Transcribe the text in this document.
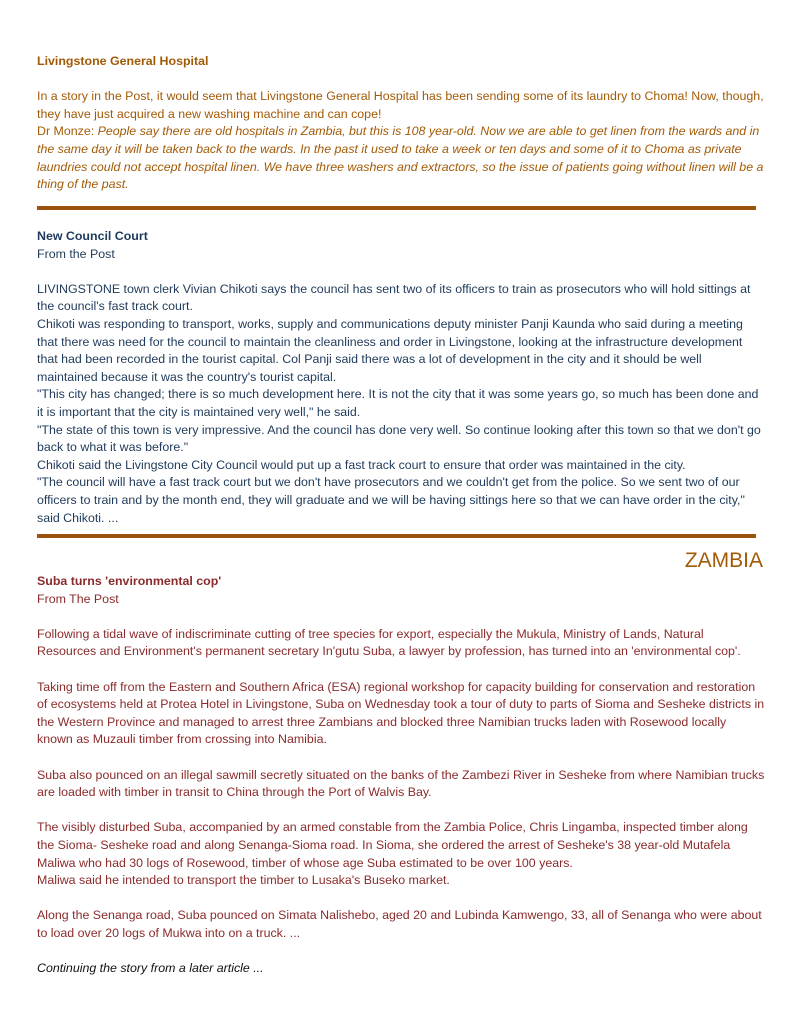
Livingstone General Hospital

In a story in the Post, it would seem that Livingstone General Hospital has been sending some of its laundry to Choma! Now, though, they have just acquired a new washing machine and can cope!

Dr Monze: People say there are old hospitals in Zambia, but this is 108 year-old. Now we are able to get linen from the wards and in the same day it will be taken back to the wards. In the past it used to take a week or ten days and some of it to Choma as private laundries could not accept hospital linen. We have three washers and extractors, so the issue of patients going without linen will be a thing of the past.

New Council Court

From the Post

LIVINGSTONE town clerk Vivian Chikoti says the council has sent two of its officers to train as prosecutors who will hold sittings at the council's fast track court.

Chikoti was responding to transport, works, supply and communications deputy minister Panji Kaunda who said during a meeting that there was need for the council to maintain the cleanliness and order in Livingstone, looking at the infrastructure development that had been recorded in the tourist capital. Col Panji said there was a lot of development in the city and it should be well maintained because it was the country's tourist capital.

"This city has changed; there is so much development here. It is not the city that it was some years go, so much has been done and it is important that the city is maintained very well," he said.

"The state of this town is very impressive. And the council has done very well. So continue looking after this town so that we don't go back to what it was before."

Chikoti said the Livingstone City Council would put up a fast track court to ensure that order was maintained in the city.

"The council will have a fast track court but we don't have prosecutors and we couldn't get from the police. So we sent two of our officers to train and by the month end, they will graduate and we will be having sittings here so that we can have order in the city," said Chikoti. ...

Suba turns 'environmental cop'

From The Post

Following a tidal wave of indiscriminate cutting of tree species for export, especially the Mukula, Ministry of Lands, Natural Resources and Environment's permanent secretary In'gutu Suba, a lawyer by profession, has turned into an 'environmental cop'.

Taking time off from the Eastern and Southern Africa (ESA) regional workshop for capacity building for conservation and restoration of ecosystems held at Protea Hotel in Livingstone, Suba on Wednesday took a tour of duty to parts of Sioma and Sesheke districts in the Western Province and managed to arrest three Zambians and blocked three Namibian trucks laden with Rosewood locally known as Muzauli timber from crossing into Namibia.

Suba also pounced on an illegal sawmill secretly situated on the banks of the Zambezi River in Sesheke from where Namibian trucks are loaded with timber in transit to China through the Port of Walvis Bay.

The visibly disturbed Suba, accompanied by an armed constable from the Zambia Police, Chris Lingamba, inspected timber along the Sioma- Sesheke road and along Senanga-Sioma road. In Sioma, she ordered the arrest of Sesheke's 38 year-old Mutafela Maliwa who had 30 logs of Rosewood, timber of whose age Suba estimated to be over 100 years.

Maliwa said he intended to transport the timber to Lusaka's Buseko market.

Along the Senanga road, Suba pounced on Simata Nalishebo, aged 20 and Lubinda Kamwengo, 33, all of Senanga who were about to load over 20 logs of Mukwa into on a truck. ...

Continuing the story from a later article ...

ZAMBIA
